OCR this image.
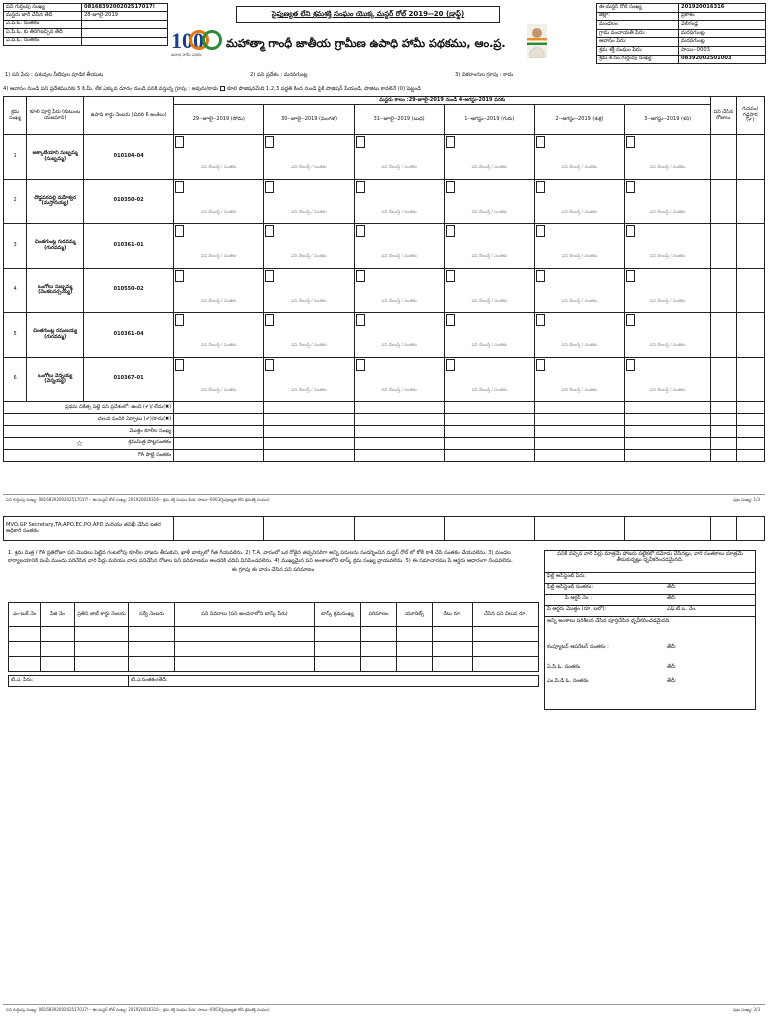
పని గుర్తింపు సంఖ్య	0816839200202517017!
మస్టరు జారీ చేసిన తేదీ	28-జూలై-2019
ఏ.పి.ఓ. సంతకం	
ఏ.పి.ఓ. కు తిరిగిఇచ్చిన తేదీ	
ఏ.పి.ఓ. సంతకం	
సైపుణ్యత లేని శ్రమశక్తి సంఘం యొక్క మస్టర్ రోల్ 2019--20 (డ్రాఫ్ట్)
100
ఉపాధి హామీ పథకం
మహాత్మా గాంధీ జాతీయ గ్రామీణ ఉపాధి హామీ పథకము, ఆం.ప్ర.
ఈ-మస్టర్ రోల్ సంఖ్య	201920016316
జిల్లా:	ప్రకాశం
మండలం:	వెలిగండ్ల
గ్రామ పంచాయతీ పేరు:	మరపగుంట్ల
ఆవాసం పేరు:	మరపగుంట్ల
శ్రమ శక్తి సంఘం పేరు:	సాయి--0003
శ్రమ.శ.సం.గుర్తింపు సంఖ్య:	08392002501003
1) పని పేరు : పశువుల నీటిపుల పూడిక తీయుట	2) పని ప్రదేశం : మరపగుంట్ల	3) వికలాంగుల గ్రూపు : కాదు
4) ఆవాసం నుండి పని ప్రదేశమునకు 5 కి.మీ. లేక ఎక్కువ దూరం నుండి పనికి వస్తున్న గ్రూపు : అవును/కాదు కూలి పొజిషనమేది 1,2,3 పద్ధతి కింద నుండి పైకి పొజిషన్ పేయండి, పొజిటు కావలెనే (0) పెట్టండి
క్రమ సంఖ్య	కూలి పూర్తి పేరు (కుటుంబ యజమాని)	ఉపాధి కార్డు నెంబరు (చివరి 6 అంకెలు)	మస్టరు కాలం :29-జూలై-2019 నుండి 4-ఆగస్టు-2019 వరకు						పని చేసిన రోజులు	గునపం/ గడ్డపార (✔)
			29--జూలై--2019 (సోమ)	30--జూలై--2019 (మంగళ)	31--జూలై--2019 (బుధ)	1--ఆగస్టు--2019 (గురు)	2--ఆగస్టు--2019 (శుక్ర)	3--ఆగస్టు--2019 (శని)		
1	అక్కాటియాని సుబ్బమ్మ (సుబ్బమ్మ)	010104-04	పని చేయిస్తే / సంతకం	పని చేయిస్తే / సంతకం	పని చేయిస్తే / సంతకం	పని చేయిస్తే / సంతకం	పని చేయిస్తే / సంతకం	పని చేయిస్తే / సంతకం		

2	దొడ్డవరపల్లి మహేశ్వర (మస్తానయ్య)	010350-02	పని చేయిస్తే / సంతకం	పని చేయిస్తే / సంతకం	పని చేయిస్తే / సంతకం	పని చేయిస్తే / సంతకం	పని చేయిస్తే / సంతకం	పని చేయిస్తే / సంతకం		

3	చింతగుంట్ల గురవమ్మ (గురవమ్మ)	010361-01	పని చేయిస్తే / సంతకం	పని చేయిస్తే / సంతకం	పని చేయిస్తే / సంతకం	పని చేయిస్తే / సంతకం	పని చేయిస్తే / సంతకం	పని చేయిస్తే / సంతకం		

4	ఒంగోలు సుబ్బమ్మ (వెంకటనర్సయ్య)	010550-02	పని చేయిస్తే / సంతకం	పని చేయిస్తే / సంతకం	పని చేయిస్తే / సంతకం	పని చేయిస్తే / సంతకం	పని చేయిస్తే / సంతకం	పని చేయిస్తే / సంతకం		

5	చింతగుంట్ల రమణయ్య (గురవమ్మ)	010361-04	పని చేయిస్తే / సంతకం	పని చేయిస్తే / సంతకం	పని చేయిస్తే / సంతకం	పని చేయిస్తే / సంతకం	పని చేయిస్తే / సంతకం	పని చేయిస్తే / సంతకం		

6	ఒంగోలు వెన్నయ్య (వెన్నయ్య)	010367-01	పని చేయిస్తే / సంతకం	పని చేయిస్తే / సంతకం	పని చేయిస్తే / సంతకం	పని చేయిస్తే / సంతకం	పని చేయిస్తే / సంతకం	పని చేయిస్తే / సంతకం		

ప్రథమ చికిత్స పెట్టె పని ప్రదేశంలో: ఉంది (✔)/ లేదు(✖)										
చలువ పందిరి ఏర్పాటు (✔)/కాదు(✖)										
మొత్తం కూలీల సంఖ్య										

☆ శ్రమమిత్ర పొట్టసంతకం										
FA పొట్టి సంతకం										
పని గుర్తింపు సంఖ్య: 0816839200202517017!-- ఈ-మస్టర్ రోల్ సంఖ్య: 201920016316-- శ్రమ శక్తి సంఘం పేరు: సాయి--0003(సైపుణ్యత లేని శ్రమశక్తి సంఘం)	పుట సంఖ్య: 1/3
MVO,GP Secretary,TA,APO,EC,PO,APD మరియు తనిఖీ చేసిన ఇతర అధికారి సంతకం								
1. శ్రమ మిత్ర / FA ప్రతిరోజూ పని మొదలు పెట్టిన గంటలోపు కూలీల హాజరు తీసుకుని, ఖాళీ బాక్సులో గీత గీయవలెను. 2) T.A. వారంలో ఒక రోజైన తప్పనిసరిగా అన్ని పనులను సందర్శించిన మస్టర్ రోల్ లో కోలీ కాశీ చేసి సంతకం చేయవలెను. 3) మండల కార్యాలయానికి పంపే ముందు పరిచేసిన వారి పేర్లు మరియు వారు పనిచేసిన రోజుల పని పరిమాణము అందరికి చదివి వినిపించవలెను. 4) ముఖ్యమైన పని అంశాలలోని టాస్క్ క్రమ సంఖ్య వ్రాయవలెను. 5) ఈ సమాచారము పే ఆర్డరు ఆధారంగా నింపవలెను.
ఈ గ్రూపు ఈ వారం చేసిన పని పరిమాణం
ఎం-బుక్ నెం	పేజి నెం	ప్రతిని జాబ్ కార్డు నెంబరు	సర్వే నెంబరు	పని వివరాలు (పని అంచనాలోని టాస్క్ పేరు)	టాస్క్ క్రమసంఖ్య	పరిమాణం	యూనిట్స్	రేటు రూ.	చేసిన పని విలువ రూ.

టి.ఎ. పేరు:	టి.ఎ.సంతకం/తేదీ:
పనికి వచ్చిన వారి పేర్లు మాత్రమే హాజరు పట్టికలో నమోదు చేసినట్లు, వారి సంతకాలు మాత్రమే తీసుకున్నట్లు ధృవీకరించడమైనది.
ఫీల్డ్ అసిస్టెంట్ పేరు:
ఫీల్డ్ అసిస్టెంట్ సంతకం:	తేదీ:
పే ఆర్డర్ నెం :	తేదీ:
పే ఆర్డరు మొత్తం (రూ. లలో):	ఎఫ్.టి.ఒ. నెం.
అన్ని అంశాలు పరిశీలన చేసిన పూర్తిచేసిన ధృవీకరించడమైనది.
కంప్యూటర్ ఆపరేటర్ సంతకం :	తేదీ:
ఏ.పి.ఓ. సంతకం	తేదీ:
ఎం.పి.డి.ఓ. సంతకం	తేదీ:
పని గుర్తింపు సంఖ్య: 0816839200202517017!-- ఈ-మస్టర్ రోల్ సంఖ్య: 201920016316-- శ్రమ శక్తి సంఘం పేరు: సాయి--0003(సైపుణ్యత లేని శ్రమశక్తి సంఘం)	పుట సంఖ్య: 3/3
